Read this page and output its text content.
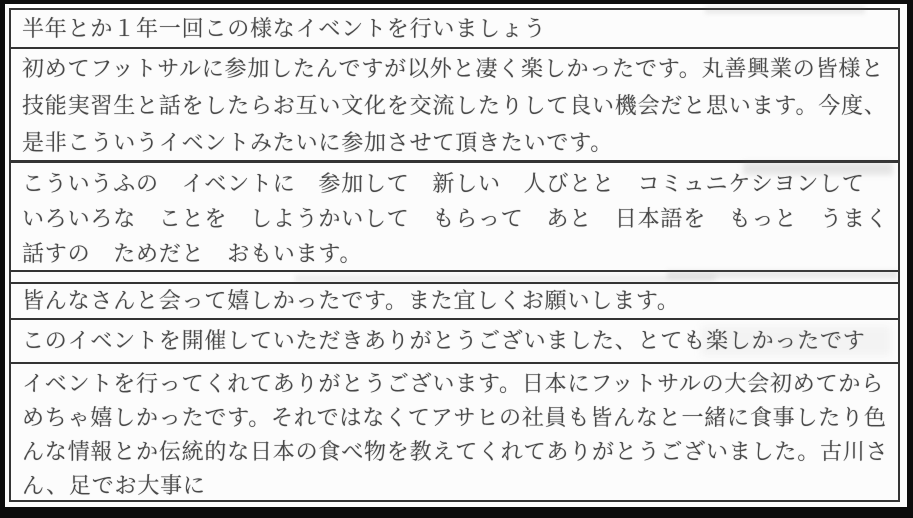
半年とか１年一回この様なイベントを行いましょう
初めてフットサルに参加したんですが以外と凄く楽しかったです。丸善興業の皆様と
技能実習生と話をしたらお互い文化を交流したりして良い機会だと思います。今度、
是非こういうイベントみたいに参加させて頂きたいです。
こういうふの　イベントに　参加して　新しい　人びとと　コミュニケシヨンして
いろいろな　ことを　しようかいして　もらって　あと　日本語を　もっと　うまく
話すの　ためだと　おもいます。
皆んなさんと会って嬉しかったです。また宜しくお願いします。
このイベントを開催していただきありがとうございました、とても楽しかったです
イベントを行ってくれてありがとうございます。日本にフットサルの大会初めてから
めちゃ嬉しかったです。それではなくてアサヒの社員も皆んなと一緒に食事したり色
んな情報とか伝統的な日本の食べ物を教えてくれてありがとうございました。古川さ
ん、足でお大事に
